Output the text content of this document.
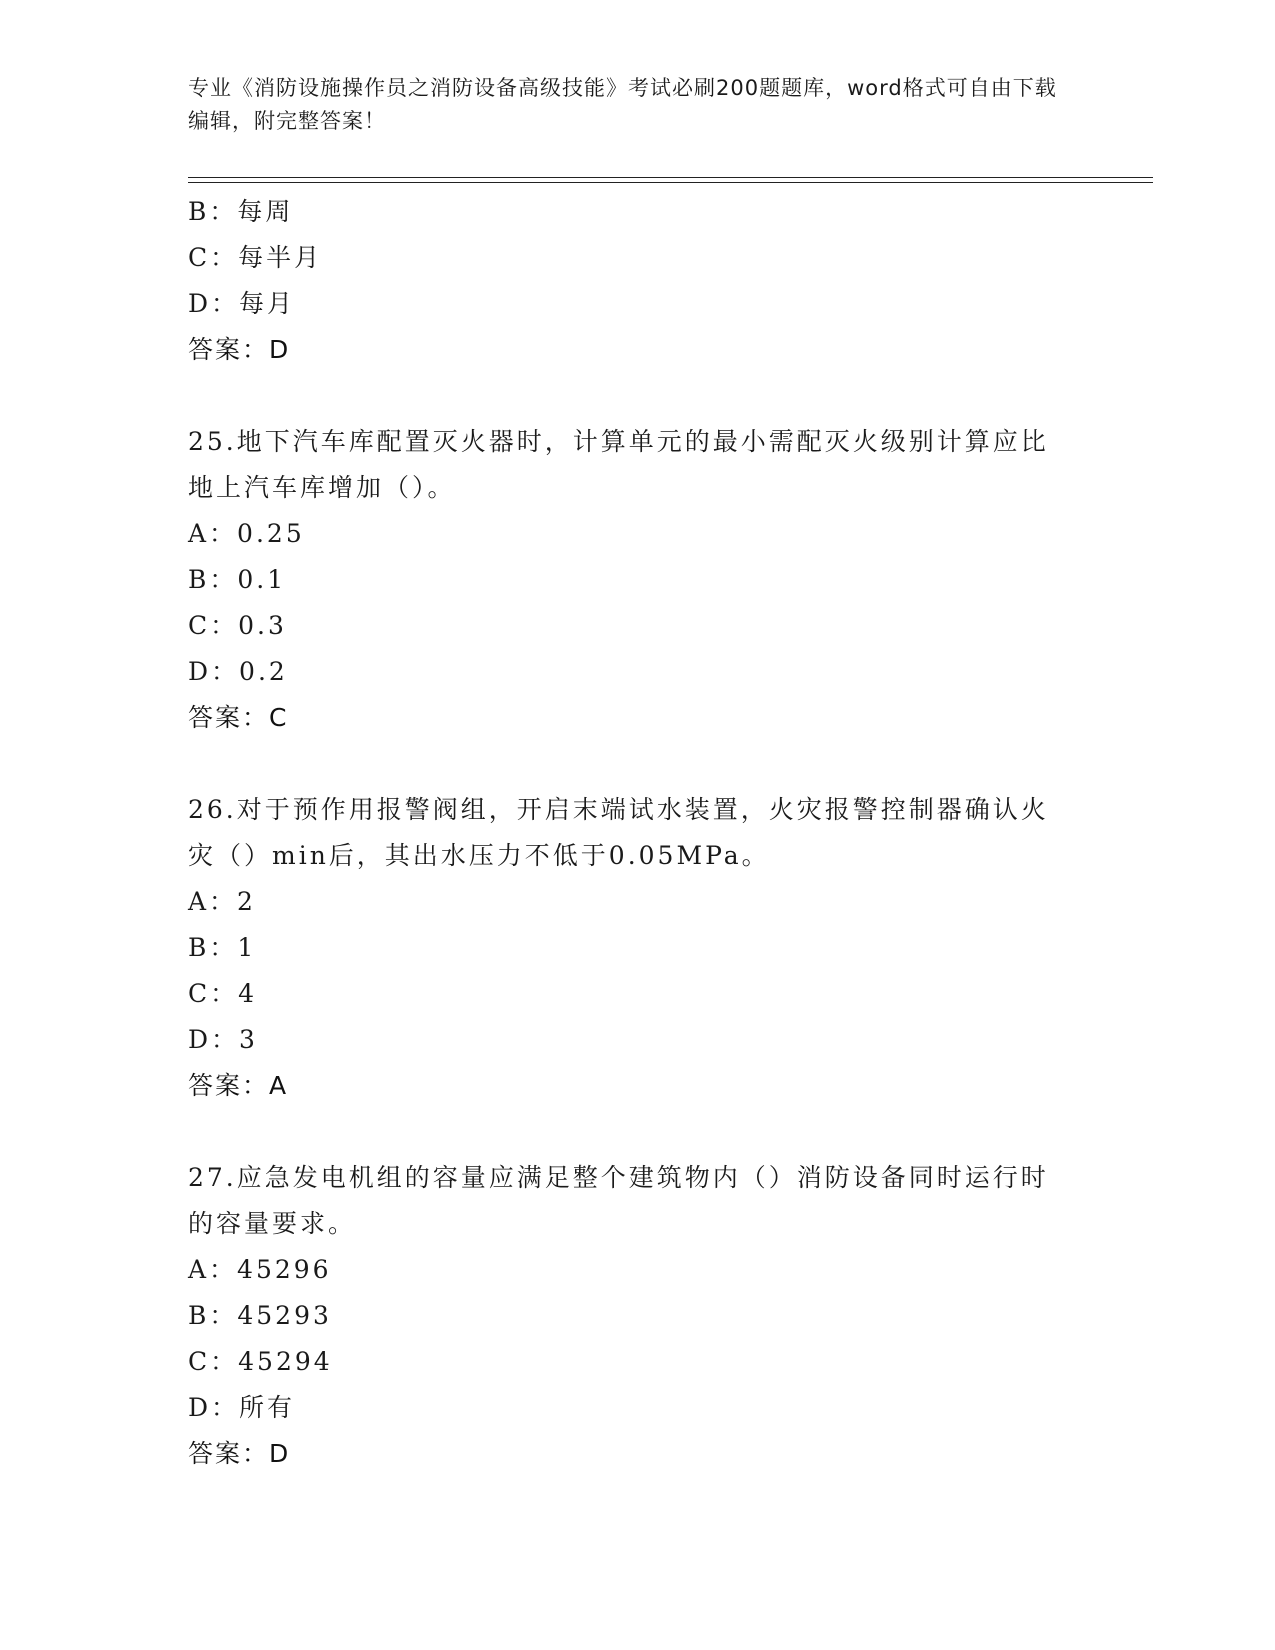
专业《消防设施操作员之消防设备高级技能》考试必刷200题题库，word格式可自由下载编辑，附完整答案！
B：每周
C：每半月
D：每月
答案：D
25.地下汽车库配置灭火器时，计算单元的最小需配灭火级别计算应比地上汽车库增加（）。
A：0.25
B：0.1
C：0.3
D：0.2
答案：C
26.对于预作用报警阀组，开启末端试水装置，火灾报警控制器确认火灾（）min后，其出水压力不低于0.05MPa。
A：2
B：1
C：4
D：3
答案：A
27.应急发电机组的容量应满足整个建筑物内（）消防设备同时运行时的容量要求。
A：45296
B：45293
C：45294
D：所有
答案：D
